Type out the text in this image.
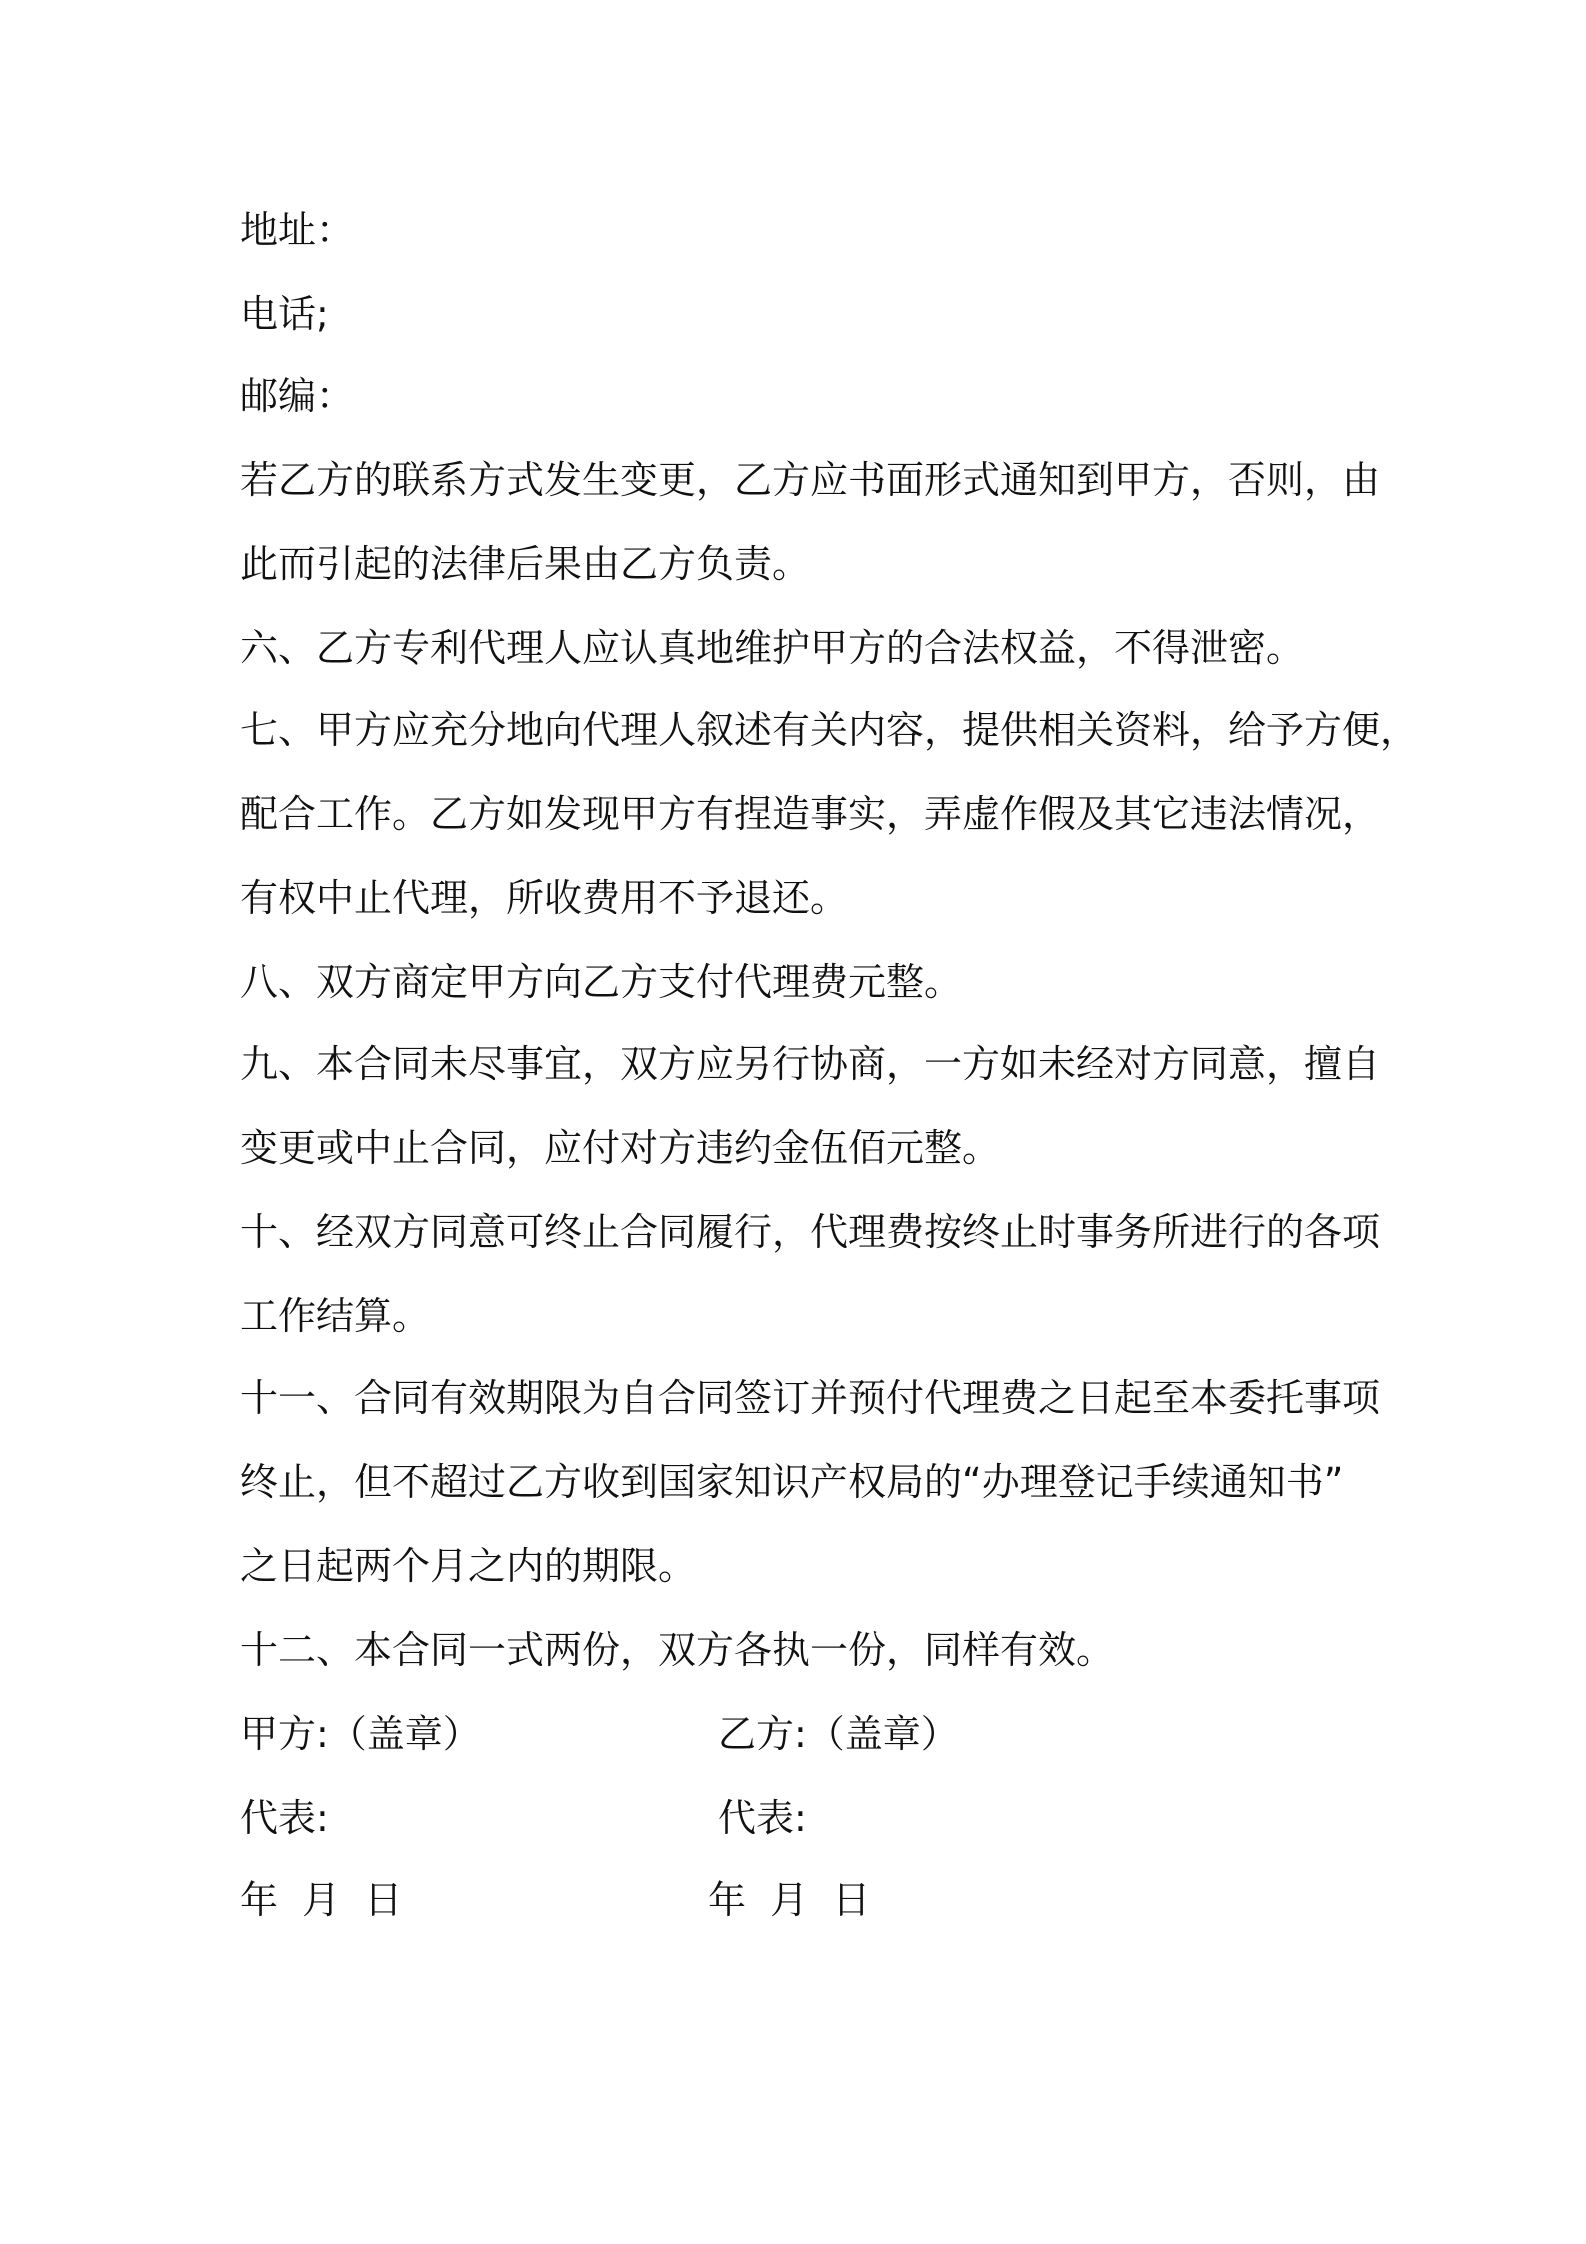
地址：
电话;
邮编：
若乙方的联系方式发生变更，乙方应书面形式通知到甲方，否则，由
此而引起的法律后果由乙方负责。
六、乙方专利代理人应认真地维护甲方的合法权益，不得泄密。
七、甲方应充分地向代理人叙述有关内容，提供相关资料，给予方便，
配合工作。乙方如发现甲方有捏造事实，弄虚作假及其它违法情况，
有权中止代理，所收费用不予退还。
八、双方商定甲方向乙方支付代理费元整。
九、本合同未尽事宜，双方应另行协商，一方如未经对方同意，擅自
变更或中止合同，应付对方违约金伍佰元整。
十、经双方同意可终止合同履行，代理费按终止时事务所进行的各项
工作结算。
十一、合同有效期限为自合同签订并预付代理费之日起至本委托事项
终止，但不超过乙方收到国家知识产权局的“办理登记手续通知书”
之日起两个月之内的期限。
十二、本合同一式两份，双方各执一份，同样有效。
甲方:（盖章）	乙方:（盖章）
代表:	代表:
年  月  日	年  月  日
